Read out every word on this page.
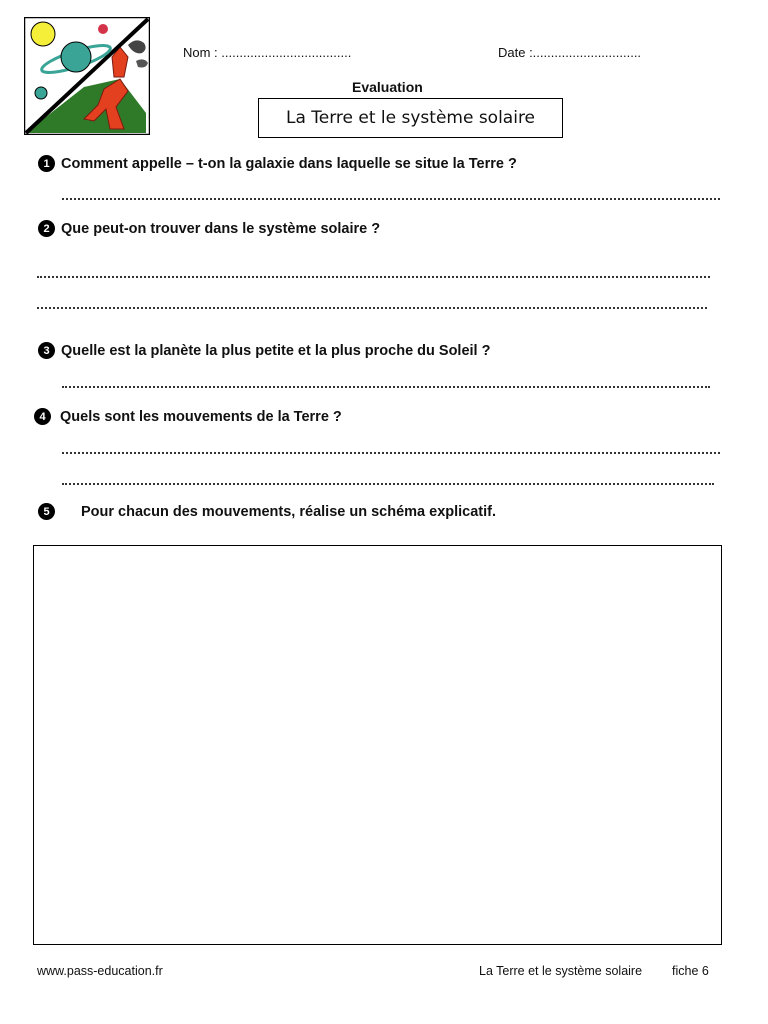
Nom : ....................................	Date :..............................
Evaluation
La Terre et le système solaire
1 Comment appelle – t-on la galaxie dans laquelle se situe la Terre ?
2 Que peut-on trouver dans le système solaire ?
3 Quelle est la planète la plus petite et la plus proche du Soleil ?
4 Quels sont les mouvements de la Terre ?
5	Pour chacun des mouvements, réalise un schéma explicatif.
www.pass-education.fr	La Terre et le système solaire fiche 6
